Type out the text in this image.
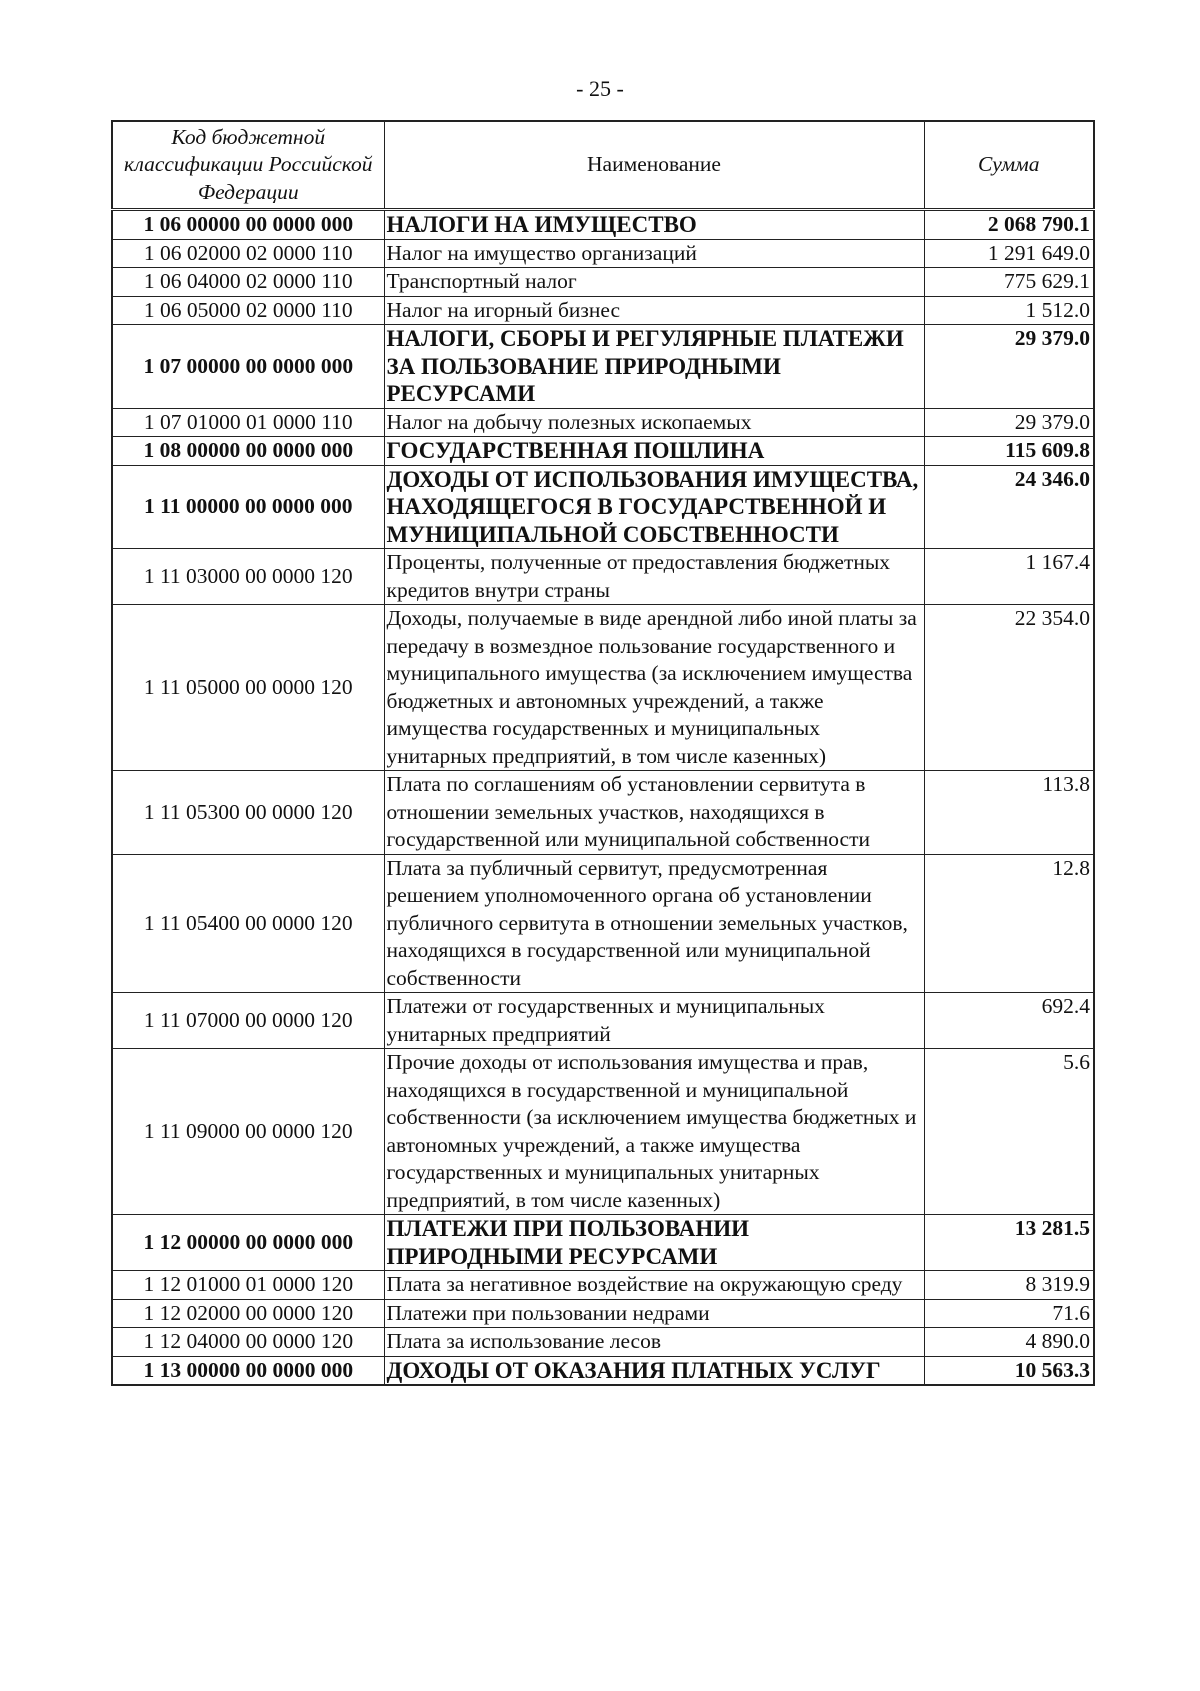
- 25 -
Код бюджетной классификации Российской Федерации	Наименование	Сумма
1 06 00000 00 0000 000	НАЛОГИ НА ИМУЩЕСТВО	2 068 790.1
1 06 02000 02 0000 110	Налог на имущество организаций	1 291 649.0
1 06 04000 02 0000 110	Транспортный налог	775 629.1
1 06 05000 02 0000 110	Налог на игорный бизнес	1 512.0
1 07 00000 00 0000 000	НАЛОГИ, СБОРЫ И РЕГУЛЯРНЫЕ ПЛАТЕЖИ ЗА ПОЛЬЗОВАНИЕ ПРИРОДНЫМИ РЕСУРСАМИ	29 379.0
1 07 01000 01 0000 110	Налог на добычу полезных ископаемых	29 379.0
1 08 00000 00 0000 000	ГОСУДАРСТВЕННАЯ ПОШЛИНА	115 609.8
1 11 00000 00 0000 000	ДОХОДЫ ОТ ИСПОЛЬЗОВАНИЯ ИМУЩЕСТВА, НАХОДЯЩЕГОСЯ В ГОСУДАРСТВЕННОЙ И МУНИЦИПАЛЬНОЙ СОБСТВЕННОСТИ	24 346.0
1 11 03000 00 0000 120	Проценты, полученные от предоставления бюджетных кредитов внутри страны	1 167.4
1 11 05000 00 0000 120	Доходы, получаемые в виде арендной либо иной платы за передачу в возмездное пользование государственного и муниципального имущества (за исключением имущества бюджетных и автономных учреждений, а также имущества государственных и муниципальных унитарных предприятий, в том числе казенных)	22 354.0
1 11 05300 00 0000 120	Плата по соглашениям об установлении сервитута в отношении земельных участков, находящихся в государственной или муниципальной собственности	113.8
1 11 05400 00 0000 120	Плата за публичный сервитут, предусмотренная решением уполномоченного органа об установлении публичного сервитута в отношении земельных участков, находящихся в государственной или муниципальной собственности	12.8
1 11 07000 00 0000 120	Платежи от государственных и муниципальных унитарных предприятий	692.4
1 11 09000 00 0000 120	Прочие доходы от использования имущества и прав, находящихся в государственной и муниципальной собственности (за исключением имущества бюджетных и автономных учреждений, а также имущества государственных и муниципальных унитарных предприятий, в том числе казенных)	5.6
1 12 00000 00 0000 000	ПЛАТЕЖИ ПРИ ПОЛЬЗОВАНИИ ПРИРОДНЫМИ РЕСУРСАМИ	13 281.5
1 12 01000 01 0000 120	Плата за негативное воздействие на окружающую среду	8 319.9
1 12 02000 00 0000 120	Платежи при пользовании недрами	71.6
1 12 04000 00 0000 120	Плата за использование лесов	4 890.0
1 13 00000 00 0000 000	ДОХОДЫ ОТ ОКАЗАНИЯ ПЛАТНЫХ УСЛУГ	10 563.3
